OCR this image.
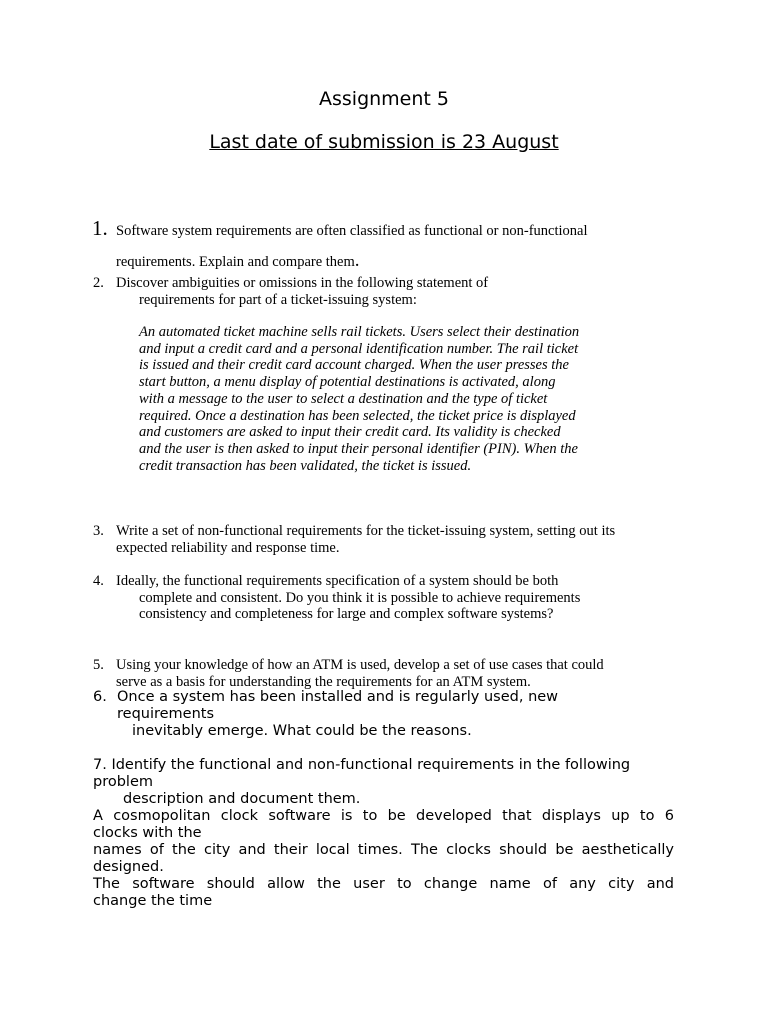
Assignment 5
Last date of submission is 23 August
1. Software system requirements are often classified as functional or non-functional
requirements. Explain and compare them.
2. Discover ambiguities or omissions in the following statement of
requirements for part of a ticket-issuing system:
An automated ticket machine sells rail tickets. Users select their destination
and input a credit card and a personal identification number. The rail ticket
is issued and their credit card account charged. When the user presses the
start button, a menu display of potential destinations is activated, along
with a message to the user to select a destination and the type of ticket
required. Once a destination has been selected, the ticket price is displayed
and customers are asked to input their credit card. Its validity is checked
and the user is then asked to input their personal identifier (PIN). When the
credit transaction has been validated, the ticket is issued.
3. Write a set of non-functional requirements for the ticket-issuing system, setting out its
expected reliability and response time.
4. Ideally, the functional requirements specification of a system should be both
complete and consistent. Do you think it is possible to achieve requirements
consistency and completeness for large and complex software systems?
5. Using your knowledge of how an ATM is used, develop a set of use cases that could
serve as a basis for understanding the requirements for an ATM system.
6. Once a system has been installed and is regularly used, new
requirements
inevitably emerge. What could be the reasons.
7. Identify the functional and non-functional requirements in the following
problem
description and document them.
A cosmopolitan clock software is to be developed that displays up to 6
clocks with the
names of the city and their local times. The clocks should be aesthetically
designed.
The software should allow the user to change name of any city and
change the time
